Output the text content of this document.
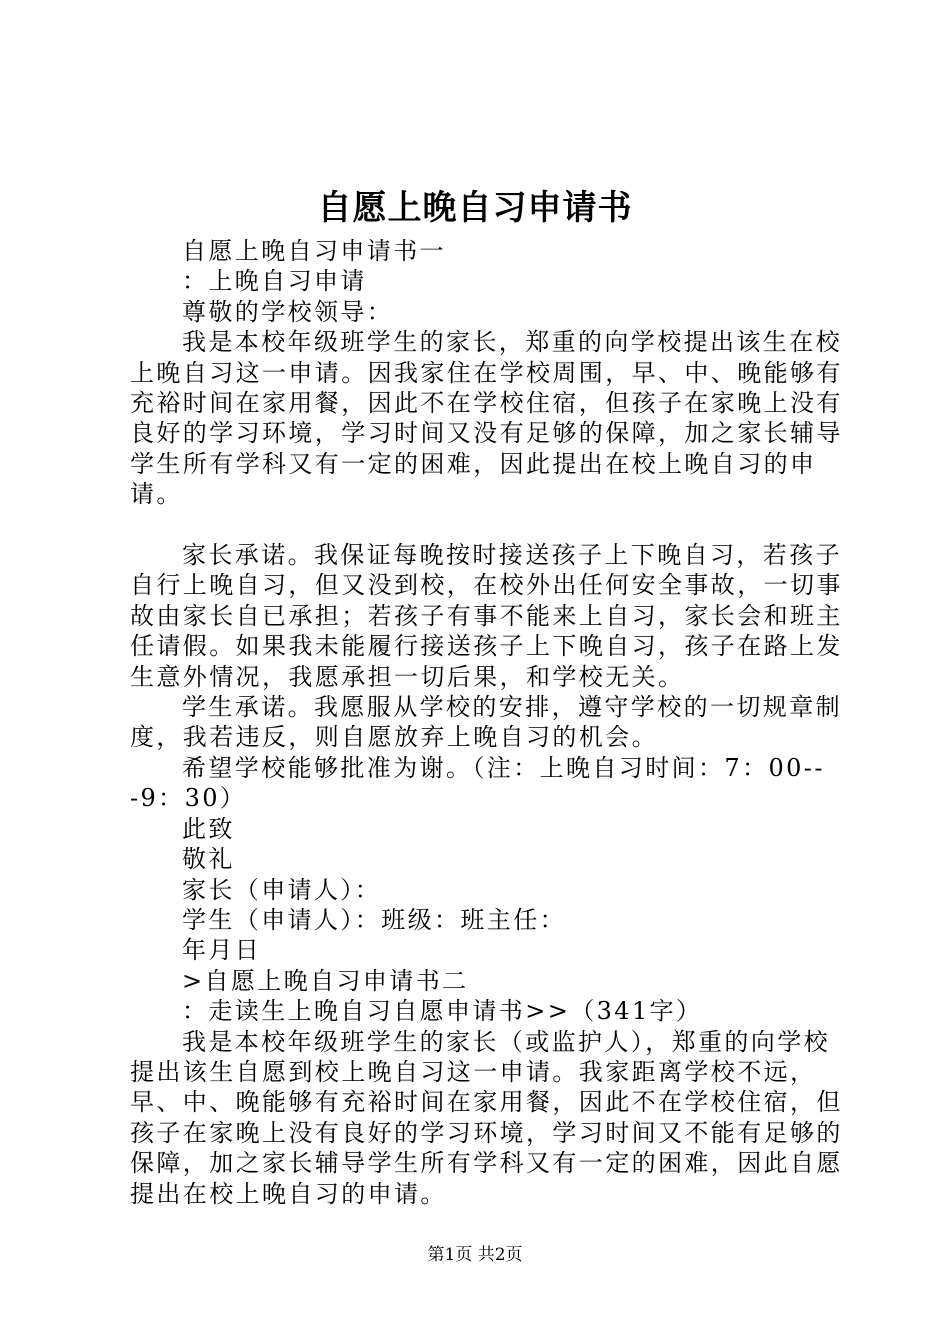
自愿上晚自习申请书

自愿上晚自习申请书一

：上晚自习申请

尊敬的学校领导：

我是本校年级班学生的家长，郑重的向学校提出该生在校上晚自习这一申请。因我家住在学校周围，早、中、晚能够有充裕时间在家用餐，因此不在学校住宿，但孩子在家晚上没有良好的学习环境，学习时间又没有足够的保障，加之家长辅导学生所有学科又有一定的困难，因此提出在校上晚自习的申请。

家长承诺。我保证每晚按时接送孩子上下晚自习，若孩子自行上晚自习，但又没到校，在校外出任何安全事故，一切事故由家长自已承担；若孩子有事不能来上自习，家长会和班主任请假。如果我未能履行接送孩子上下晚自习，孩子在路上发生意外情况，我愿承担一切后果，和学校无关。

学生承诺。我愿服从学校的安排，遵守学校的一切规章制度，我若违反，则自愿放弃上晚自习的机会。

希望学校能够批准为谢。（注：上晚自习时间：7：00---9：30）

此致

敬礼

家长（申请人）：

学生（申请人）：班级：班主任：

年月日

>自愿上晚自习申请书二

：走读生上晚自习自愿申请书>>（341字）

我是本校年级班学生的家长（或监护人），郑重的向学校提出该生自愿到校上晚自习这一申请。我家距离学校不远，早、中、晚能够有充裕时间在家用餐，因此不在学校住宿，但孩子在家晚上没有良好的学习环境，学习时间又不能有足够的保障，加之家长辅导学生所有学科又有一定的困难，因此自愿提出在校上晚自习的申请。

第1页 共2页
